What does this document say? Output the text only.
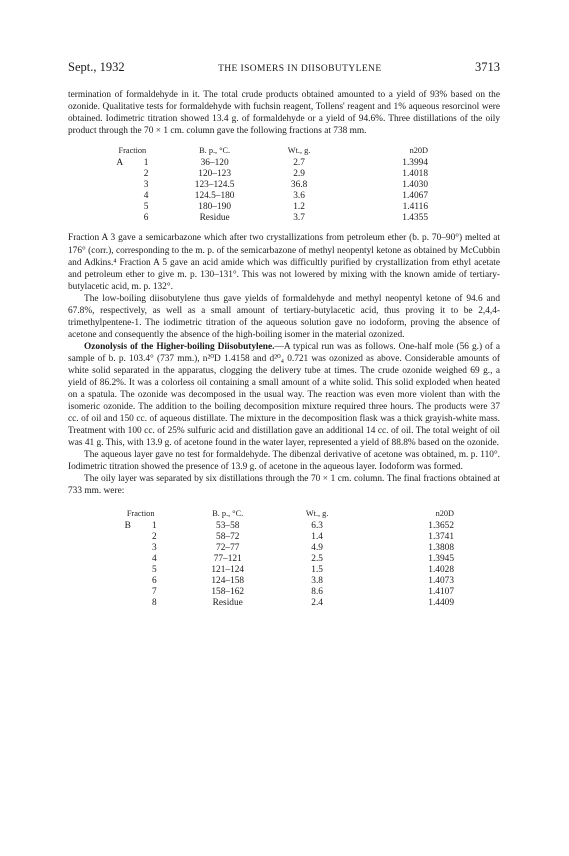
Sept., 1932	THE ISOMERS IN DIISOBUTYLENE	3713

termination of formaldehyde in it. The total crude products obtained amounted to a yield of 93% based on the ozonide. Qualitative tests for formaldehyde with fuchsin reagent, Tollens' reagent and 1% aqueous resorcinol were obtained. Iodimetric titration showed 13.4 g. of formaldehyde or a yield of 94.6%. Three distillations of the oily product through the 70 × 1 cm. column gave the following fractions at 738 mm.

Fraction	B. p., °C.	Wt., g.	n20D
A 1	36–120	2.7	1.3994
2	120–123	2.9	1.4018
3	123–124.5	36.8	1.4030
4	124.5–180	3.6	1.4067
5	180–190	1.2	1.4116
6	Residue	3.7	1.4355

Fraction A 3 gave a semicarbazone which after two crystallizations from petroleum ether (b. p. 70–90°) melted at 176° (corr.), corresponding to the m. p. of the semicarbazone of methyl neopentyl ketone as obtained by McCubbin and Adkins.⁴ Fraction A 5 gave an acid amide which was difficultly purified by crystallization from ethyl acetate and petroleum ether to give m. p. 130–131°. This was not lowered by mixing with the known amide of tertiary-butylacetic acid, m. p. 132°.

The low-boiling diisobutylene thus gave yields of formaldehyde and methyl neopentyl ketone of 94.6 and 67.8%, respectively, as well as a small amount of tertiary-butylacetic acid, thus proving it to be 2,4,4-trimethylpentene-1. The iodimetric titration of the aqueous solution gave no iodoform, proving the absence of acetone and consequently the absence of the high-boiling isomer in the material ozonized.

Ozonolysis of the Higher-boiling Diisobutylene.—A typical run was as follows. One-half mole (56 g.) of a sample of b. p. 103.4° (737 mm.), n²⁰D 1.4158 and d²⁰₄ 0.721 was ozonized as above. Considerable amounts of white solid separated in the apparatus, clogging the delivery tube at times. The crude ozonide weighed 69 g., a yield of 86.2%. It was a colorless oil containing a small amount of a white solid. This solid exploded when heated on a spatula. The ozonide was decomposed in the usual way. The reaction was even more violent than with the isomeric ozonide. The addition to the boiling decomposition mixture required three hours. The products were 37 cc. of oil and 150 cc. of aqueous distillate. The mixture in the decomposition flask was a thick grayish-white mass. Treatment with 100 cc. of 25% sulfuric acid and distillation gave an additional 14 cc. of oil. The total weight of oil was 41 g. This, with 13.9 g. of acetone found in the water layer, represented a yield of 88.8% based on the ozonide.

The aqueous layer gave no test for formaldehyde. The dibenzal derivative of acetone was obtained, m. p. 110°. Iodimetric titration showed the presence of 13.9 g. of acetone in the aqueous layer. Iodoform was formed.

The oily layer was separated by six distillations through the 70 × 1 cm. column. The final fractions obtained at 733 mm. were:

Fraction	B. p., °C.	Wt., g.	n20D
B 1	53–58	6.3	1.3652
2	58–72	1.4	1.3741
3	72–77	4.9	1.3808
4	77–121	2.5	1.3945
5	121–124	1.5	1.4028
6	124–158	3.8	1.4073
7	158–162	8.6	1.4107
8	Residue	2.4	1.4409
